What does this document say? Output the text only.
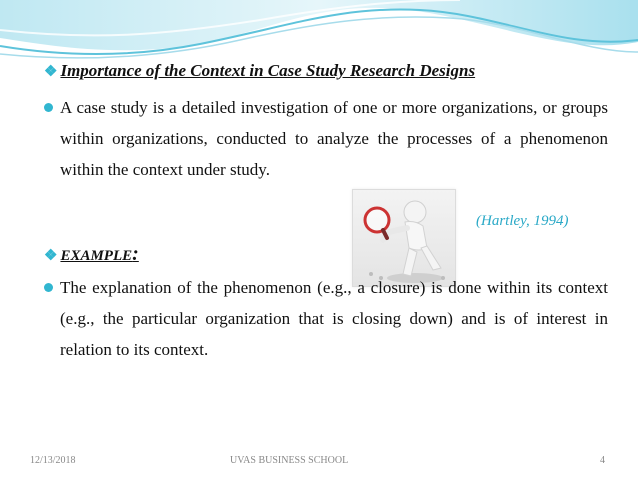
❖ Importance of the Context in Case Study Research Designs
A case study is a detailed investigation of one or more organizations, or groups within organizations, conducted to analyze the processes of a phenomenon within the context under study.
(Hartley, 1994)
❖ EXAMPLE:
The explanation of the phenomenon (e.g., a closure) is done within its context (e.g., the particular organization that is closing down) and is of interest in relation to its context.
12/13/2018	UVAS BUSINESS SCHOOL	4
